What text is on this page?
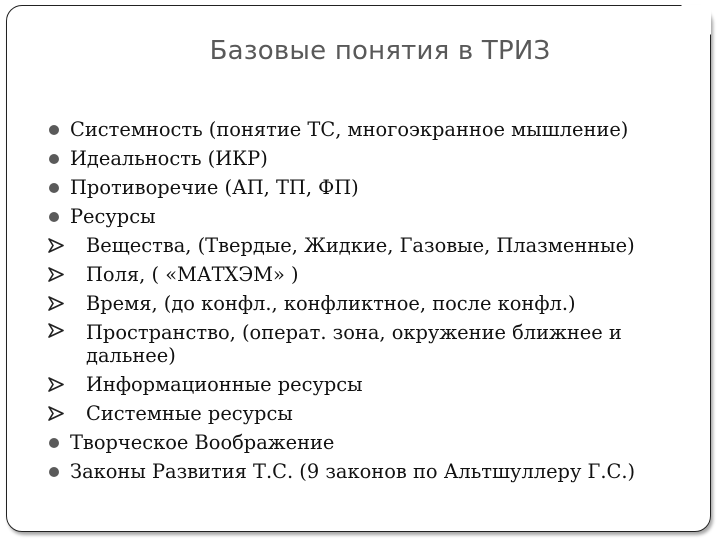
Базовые понятия в ТРИЗ
Системность (понятие ТС, многоэкранное мышление)
Идеальность (ИКР)
Противоречие (АП, ТП, ФП)
Ресурсы
Вещества, (Твердые, Жидкие, Газовые, Плазменные)
Поля, ( «МАТХЭМ» )
Время, (до конфл., конфликтное, после конфл.)
Пространство, (операт. зона, окружение ближнее и дальнее)
Информационные ресурсы
Системные ресурсы
Творческое Воображение
Законы Развития Т.С. (9 законов по Альтшуллеру Г.С.)
